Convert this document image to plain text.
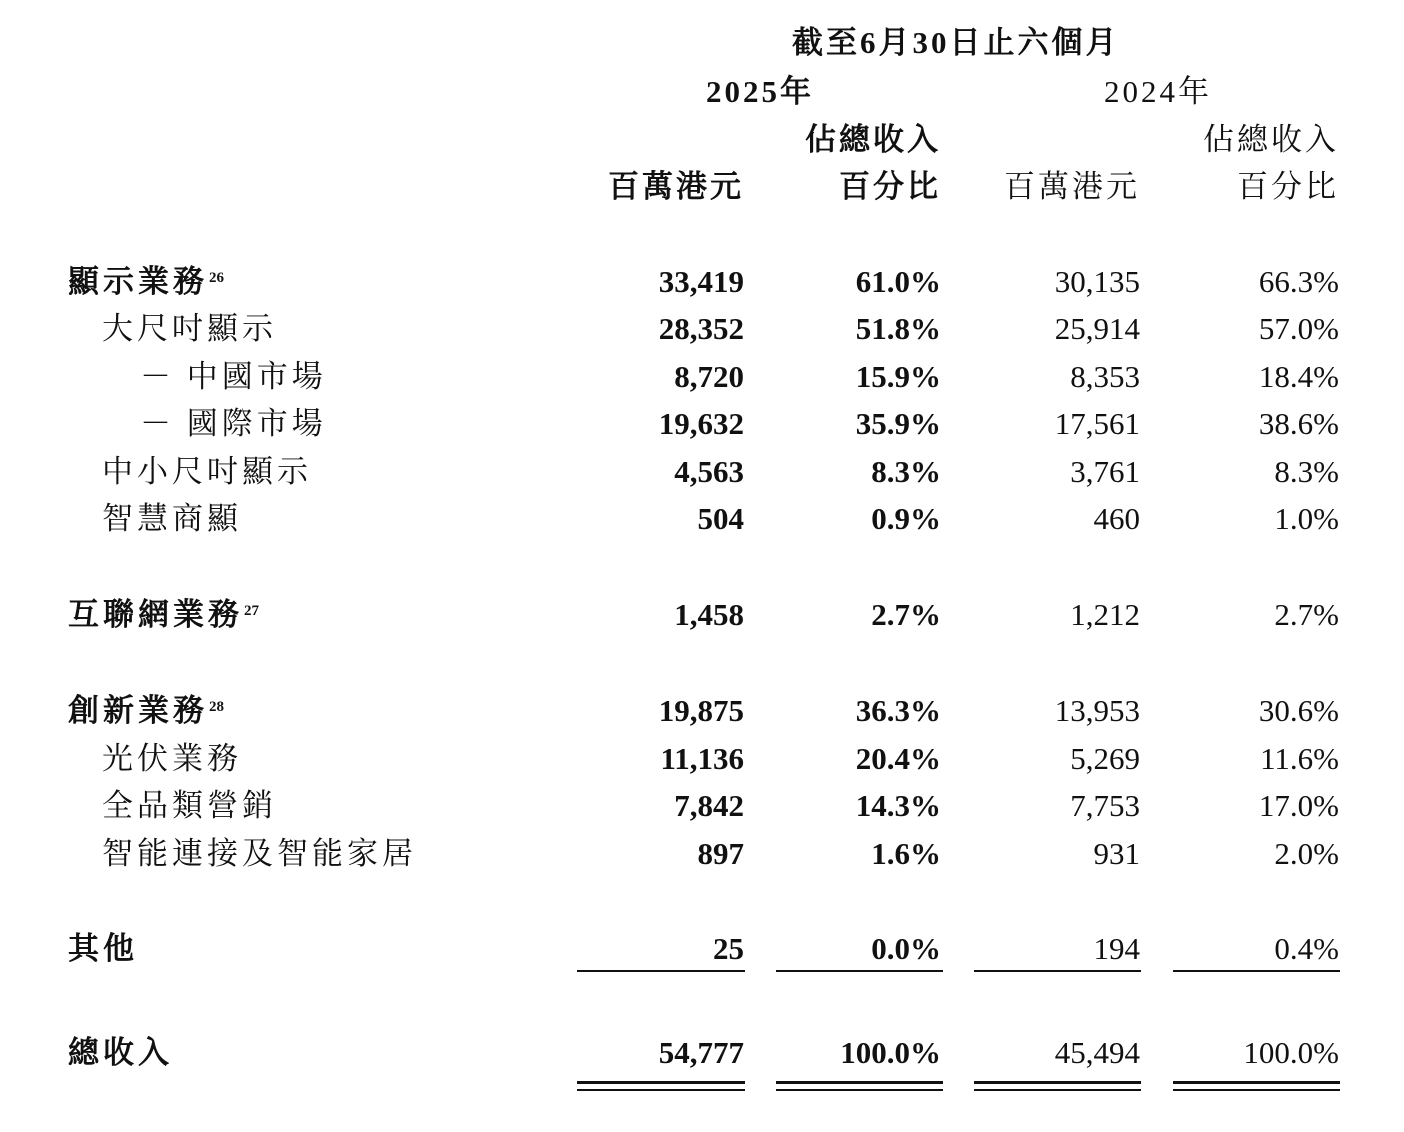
截至6月30日止六個月
2025年	2024年
佔總收入	佔總收入
百萬港元	百分比 百萬港元	百分比
顯示業務$^{26}$	33,419	61.0%	30,135	66.3%
大尺吋顯示	28,352	51.8%	25,914	57.0%
－ 中國市場	8,720	15.9%	8,353	18.4%
－ 國際市場	19,632	35.9%	17,561	38.6%
中小尺吋顯示	4,563	8.3%	3,761	8.3%
智慧商顯	504	0.9%	460	1.0%
互聯網業務$^{27}$	1,458	2.7%	1,212	2.7%
創新業務$^{28}$	19,875	36.3%	13,953	30.6%
光伏業務	11,136	20.4%	5,269	11.6%
全品類營銷	7,842	14.3%	7,753	17.0%
智能連接及智能家居	897	1.6%	931	2.0%
其他	25	0.0%	194	0.4%
總收入	54,777	100.0%	45,494	100.0%
